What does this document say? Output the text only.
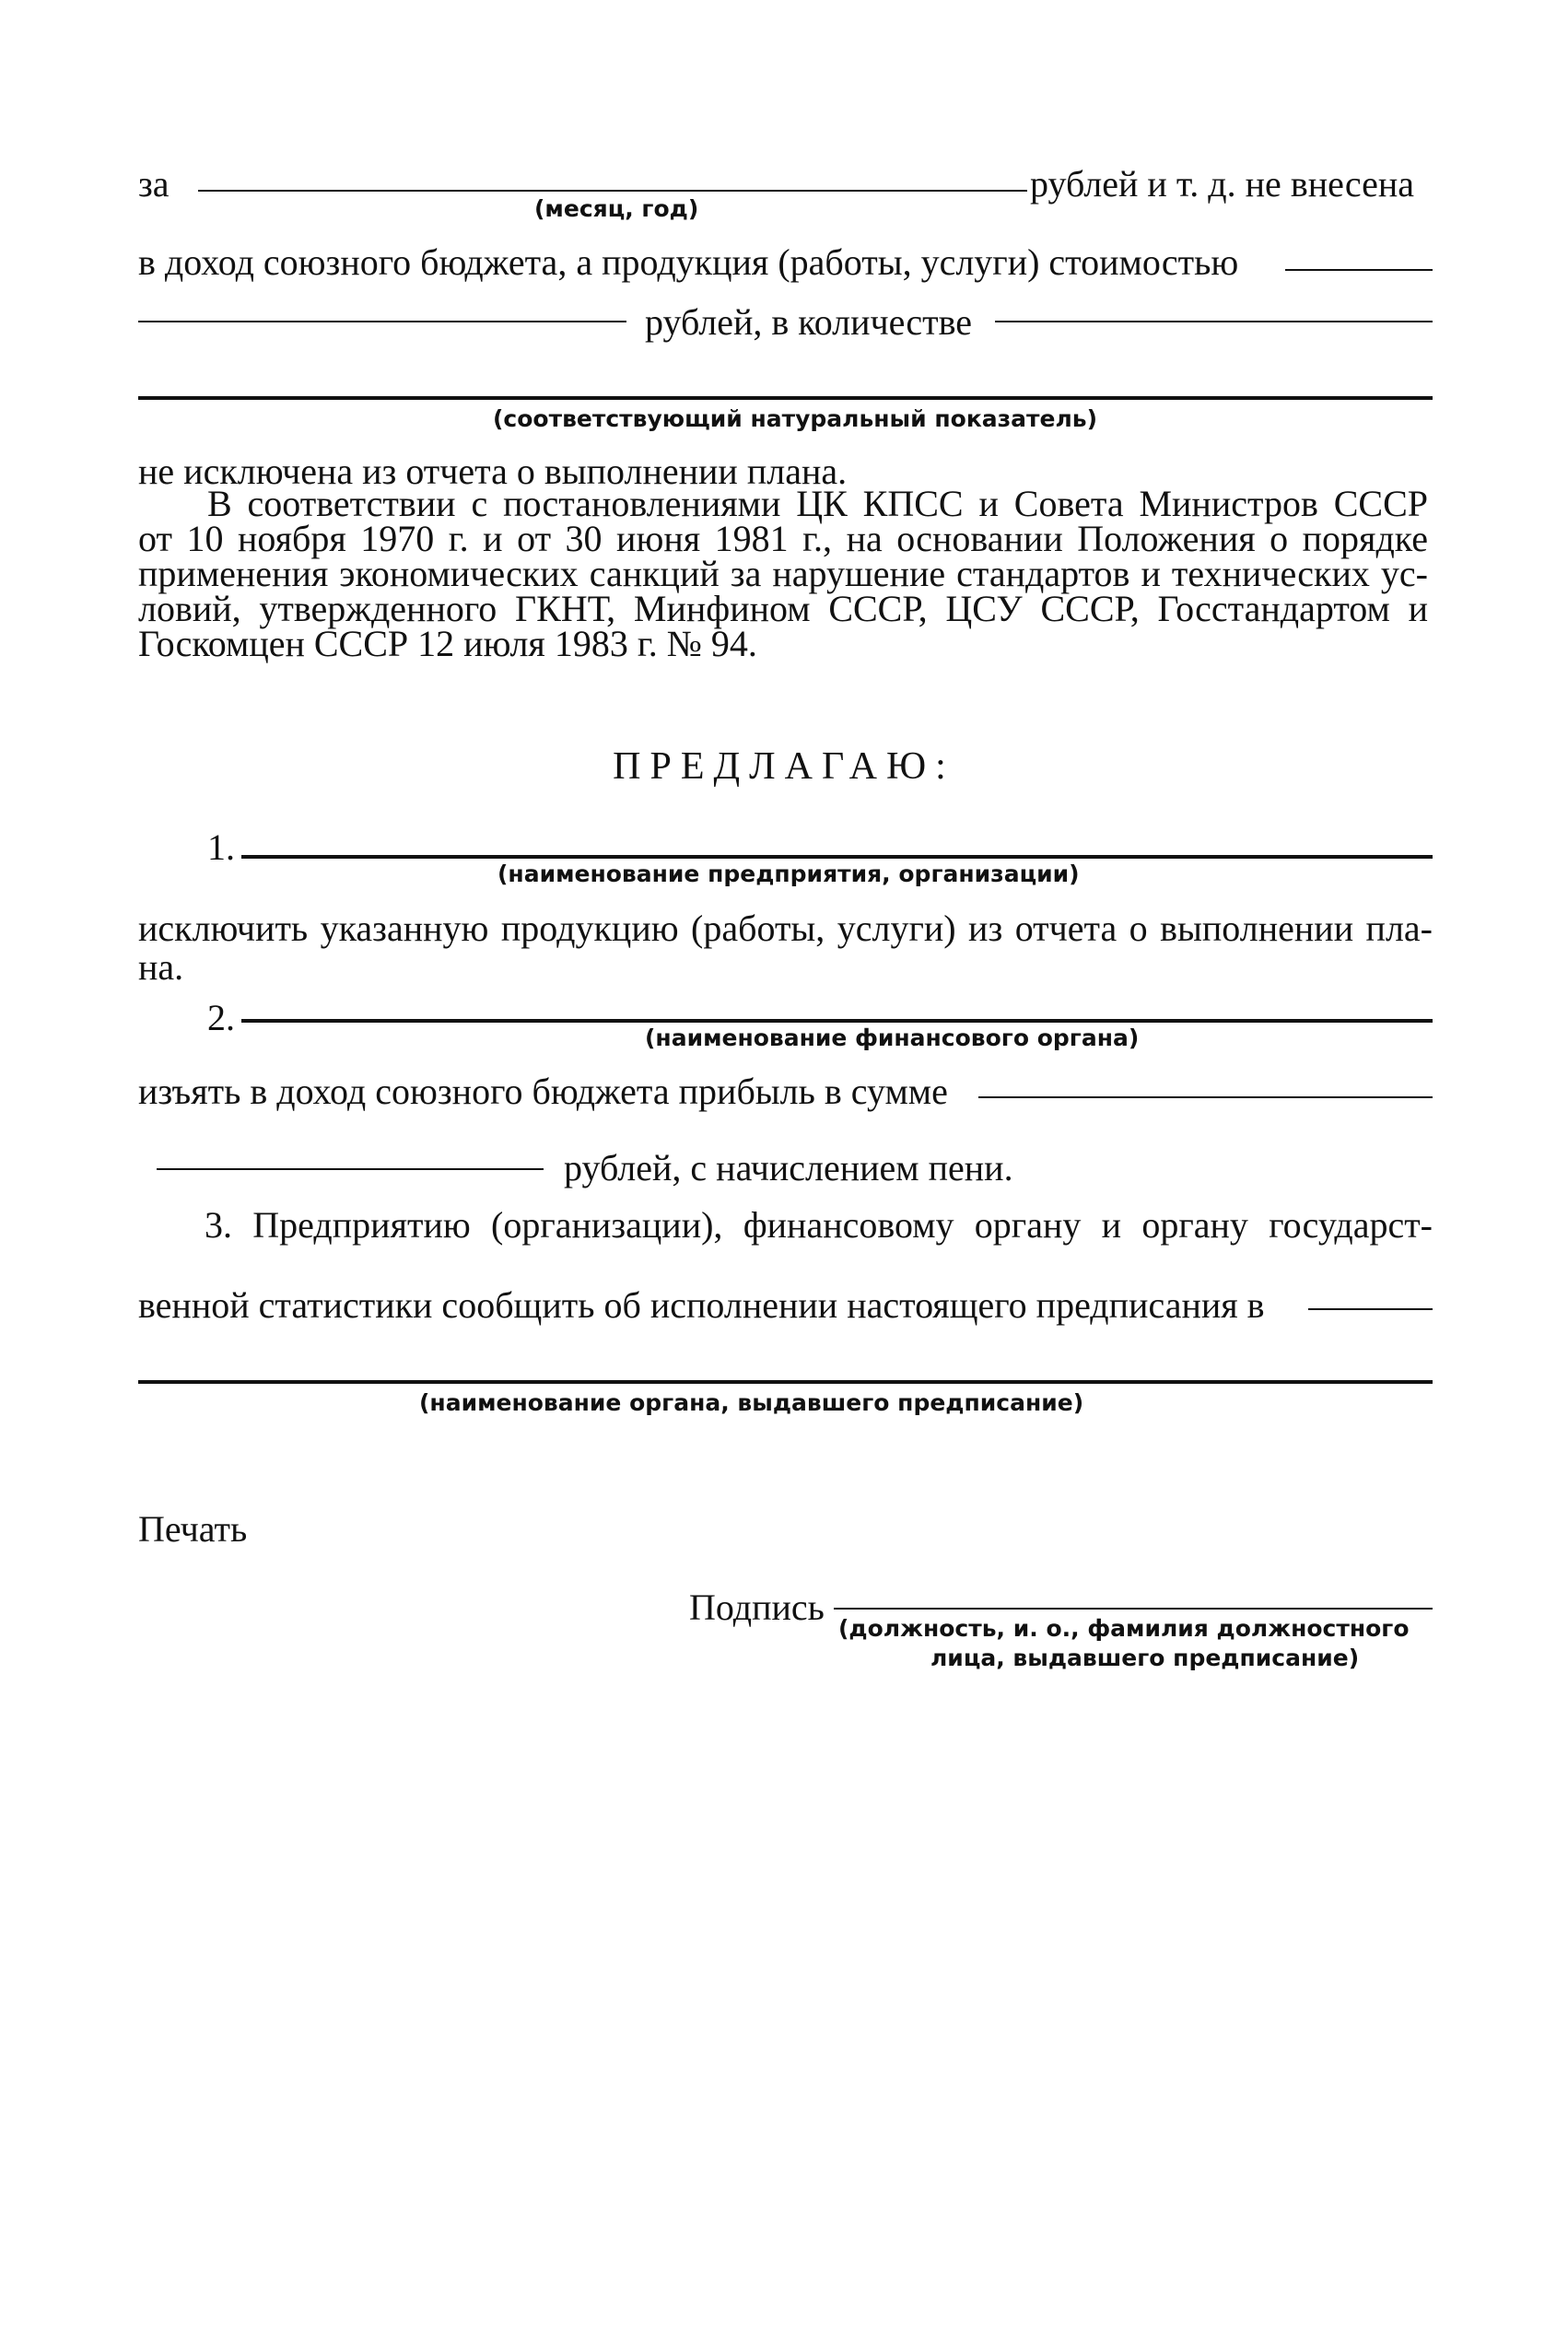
за
(месяц, год)
рублей и т. д. не внесена
в доход союзного бюджета, а продукция (работы, услуги) стоимостью
рублей, в количестве
(соответствующий натуральный показатель)
не исключена из отчета о выполнении плана.
В соответствии с постановлениями ЦК КПСС и Совета Министров СССР
от 10 ноября 1970 г. и от 30 июня 1981 г., на основании Положения о порядке
применения экономических санкций за нарушение стандартов и технических ус-
ловий, утвержденного ГКНТ, Минфином СССР, ЦСУ СССР, Госстандартом и
Госкомцен СССР 12 июля 1983 г. № 94.
ПРЕДЛАГАЮ:
1.
(наименование предприятия, организации)
исключить указанную продукцию (работы, услуги) из отчета о выполнении пла-
на.
2.	(наименование финансового органа)
изъять в доход союзного бюджета прибыль в сумме
рублей, с начислением пени.
3. Предприятию (организации), финансовому органу и органу государст-
венной статистики сообщить об исполнении настоящего предписания в
(наименование органа, выдавшего предписание)
Печать
Подпись
(должность, и. о., фамилия должностного
лица, выдавшего предписание)
